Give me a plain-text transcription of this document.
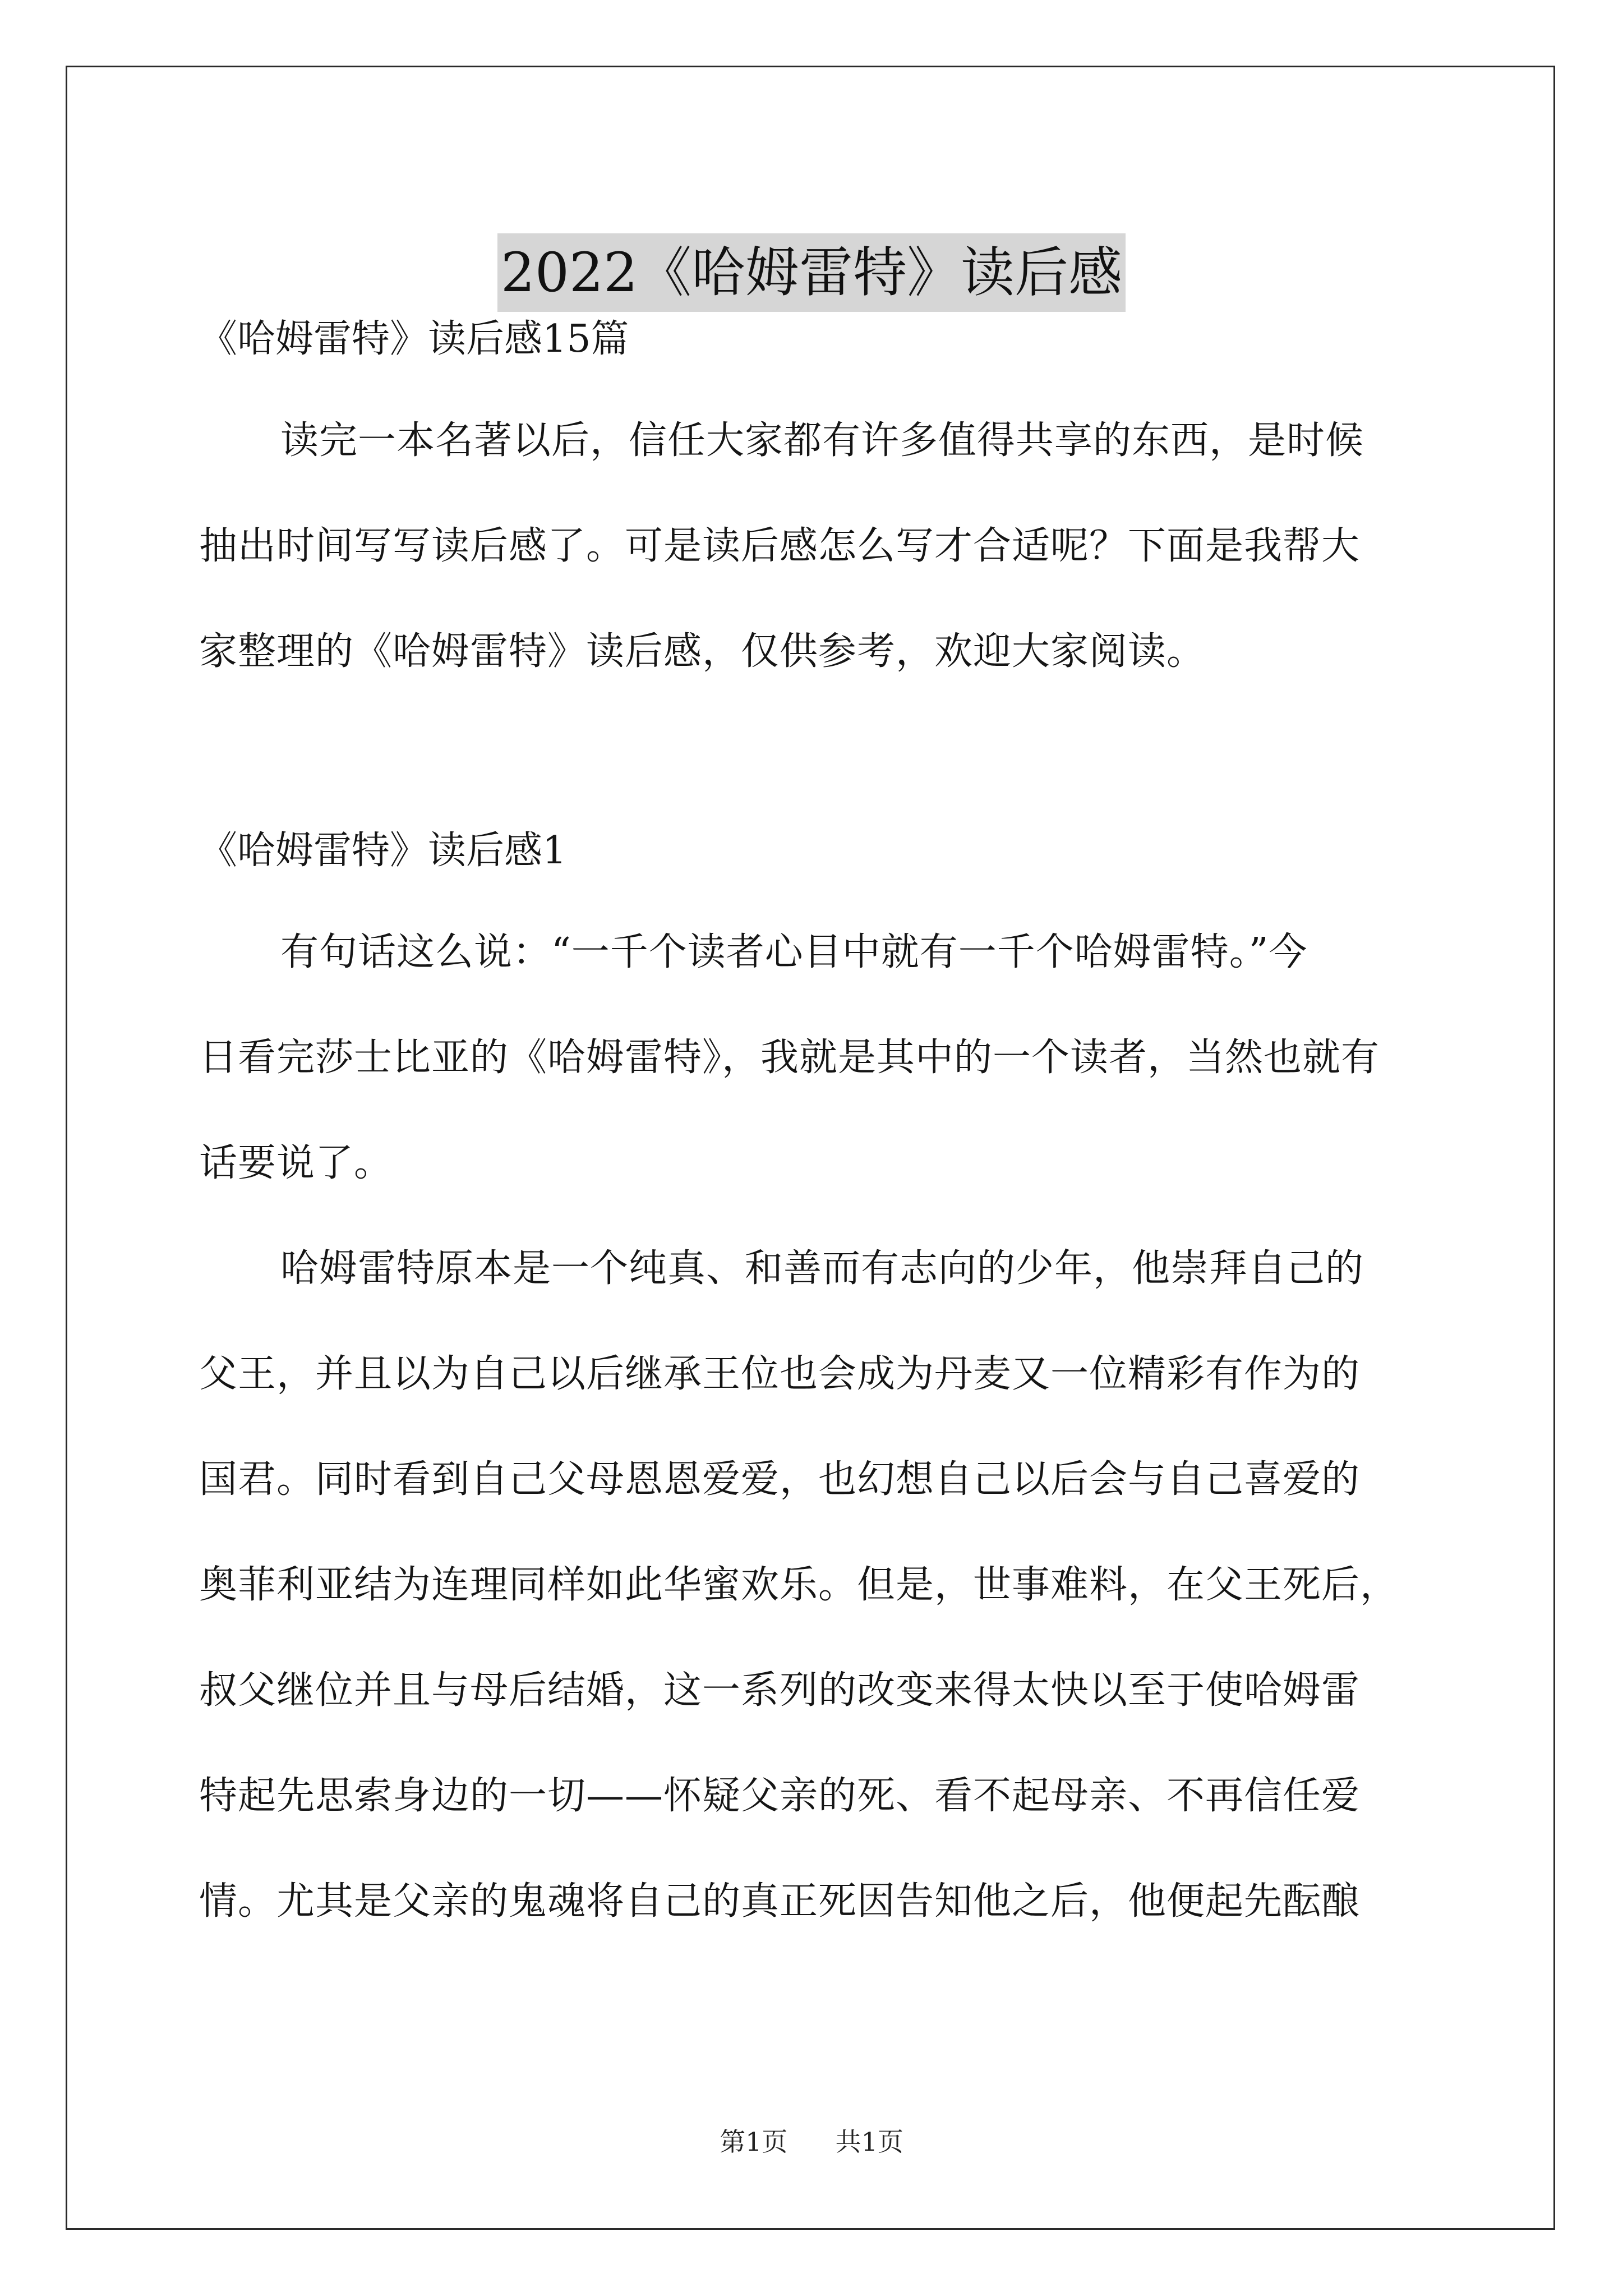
2022《哈姆雷特》读后感

《哈姆雷特》读后感15篇

读完一本名著以后，信任大家都有许多值得共享的东西，是时候

抽出时间写写读后感了。可是读后感怎么写才合适呢？下面是我帮大

家整理的《哈姆雷特》读后感，仅供参考，欢迎大家阅读。

《哈姆雷特》读后感1

有句话这么说：“一千个读者心目中就有一千个哈姆雷特。”今

日看完莎士比亚的《哈姆雷特》，我就是其中的一个读者，当然也就有

话要说了。

哈姆雷特原本是一个纯真、和善而有志向的少年，他崇拜自己的

父王，并且以为自己以后继承王位也会成为丹麦又一位精彩有作为的

国君。同时看到自己父母恩恩爱爱，也幻想自己以后会与自己喜爱的

奥菲利亚结为连理同样如此华蜜欢乐。但是，世事难料，在父王死后，

叔父继位并且与母后结婚，这一系列的改变来得太快以至于使哈姆雷

特起先思索身边的一切——怀疑父亲的死、看不起母亲、不再信任爱

情。尤其是父亲的鬼魂将自己的真正死因告知他之后，他便起先酝酿

第1页 共1页
